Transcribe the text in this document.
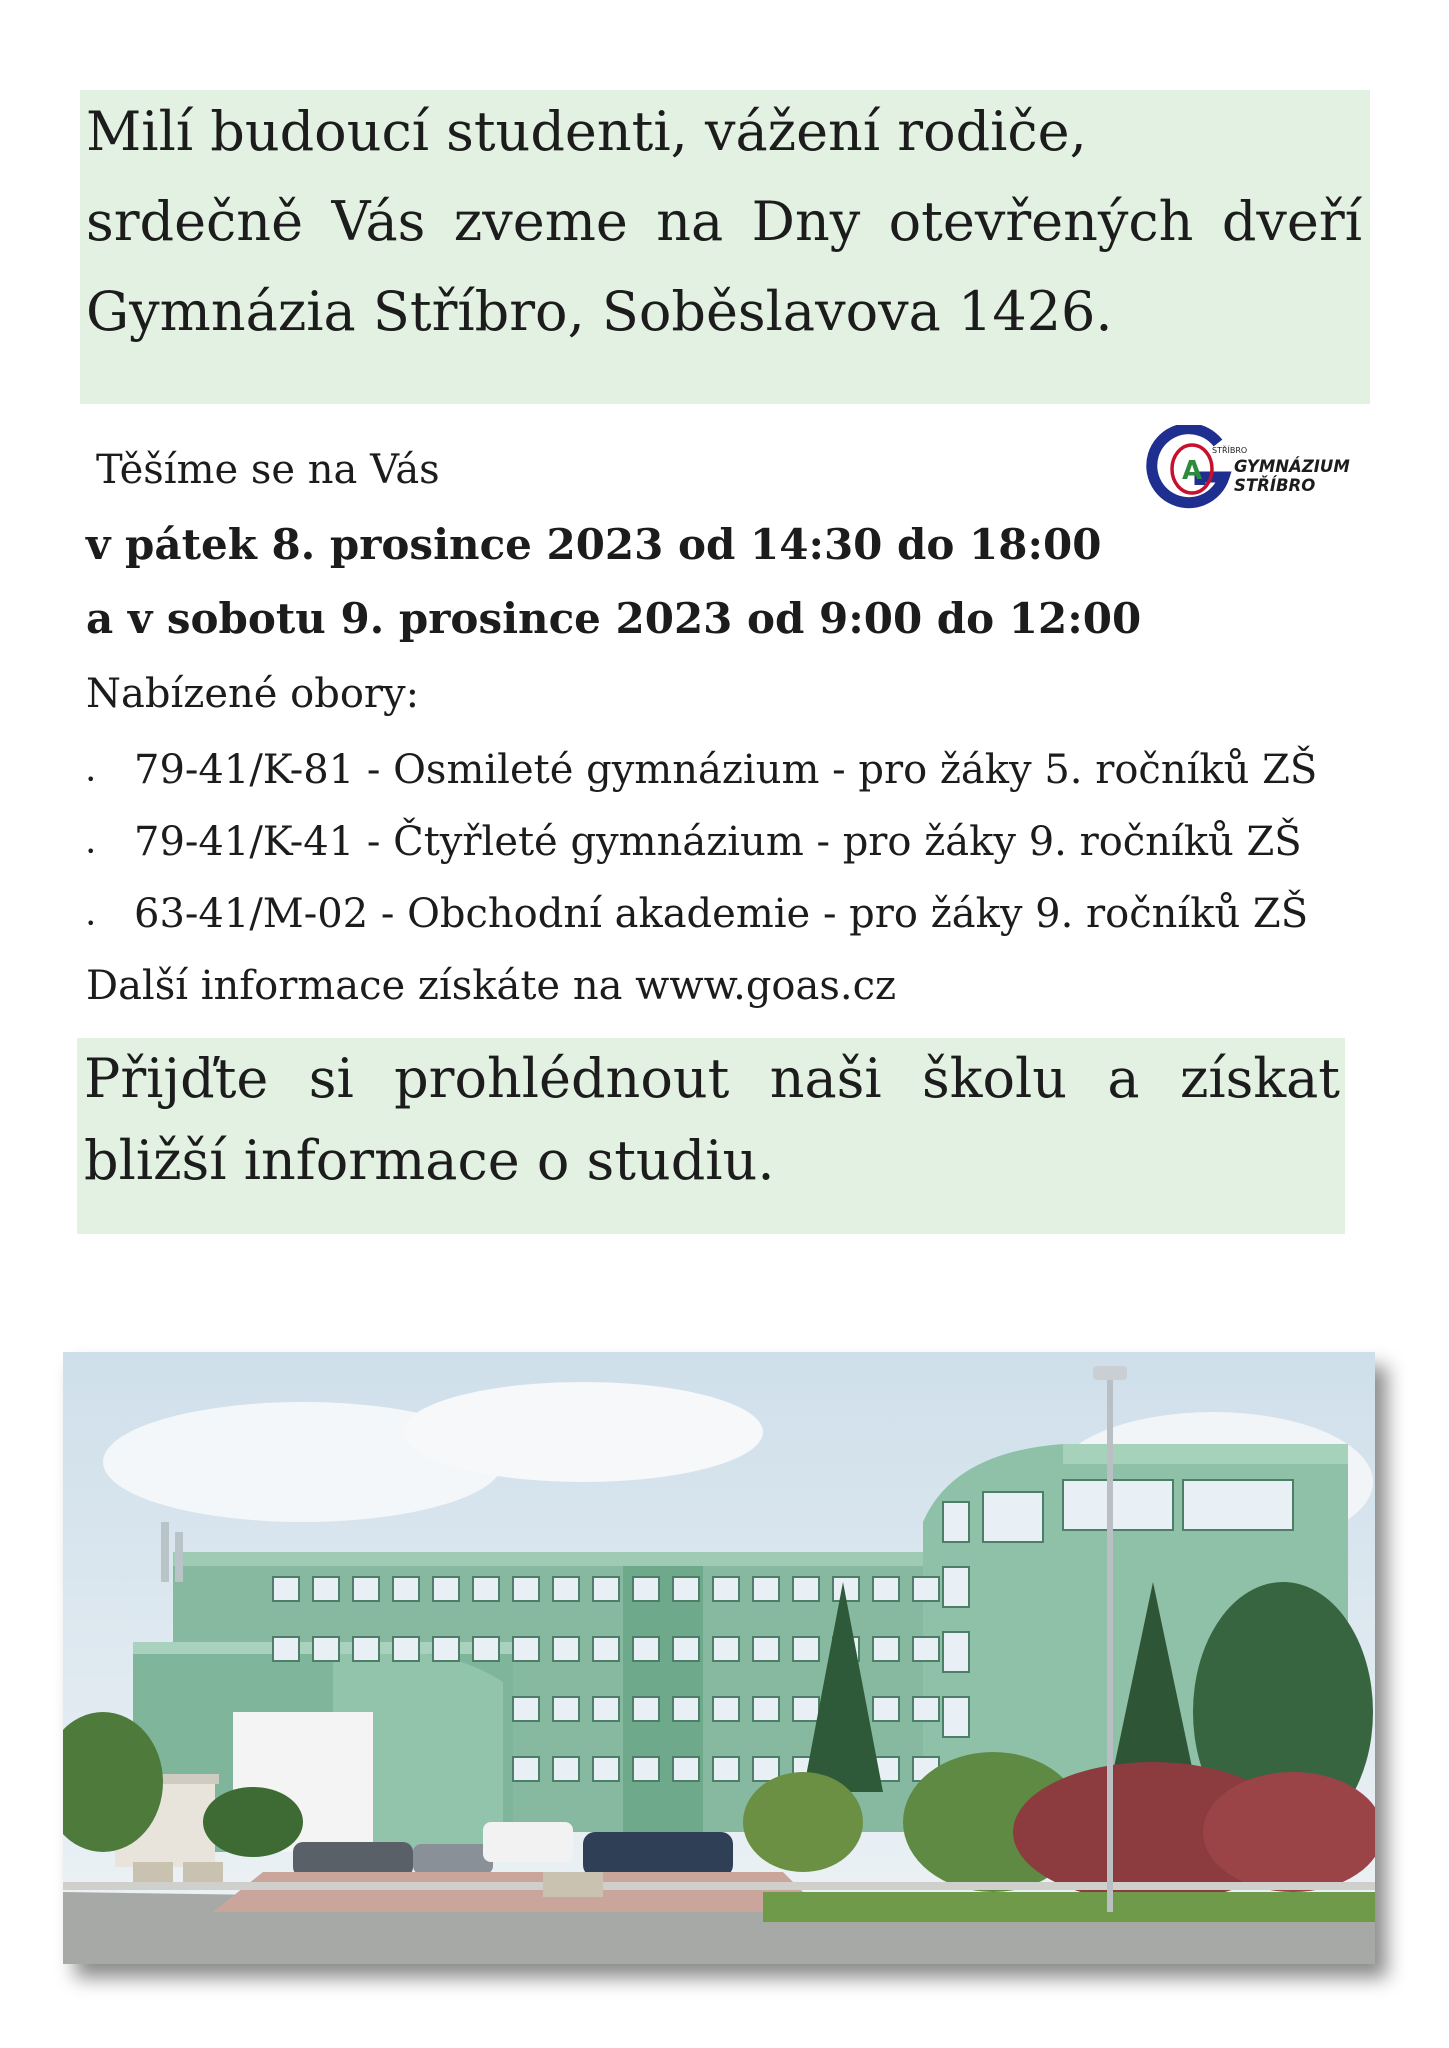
Milí budoucí studenti, vážení rodiče,
srdečně Vás zveme na Dny otevřených dveří
Gymnázia Stříbro, Soběslavova 1426.
A
STŘÍBRO
GYMNÁZIUM
STŘÍBRO
Těšíme se na Vás
v pátek 8. prosince 2023 od 14:30 do 18:00
a v sobotu 9. prosince 2023 od 9:00 do 12:00
Nabízené obory:
• 79-41/K-81 - Osmileté gymnázium - pro žáky 5. ročníků ZŠ
• 79-41/K-41 - Čtyřleté gymnázium - pro žáky 9. ročníků ZŠ
• 63-41/M-02 - Obchodní akademie - pro žáky 9. ročníků ZŠ
Další informace získáte na www.goas.cz
Přijďte si prohlédnout naši školu a získat
bližší informace o studiu.
